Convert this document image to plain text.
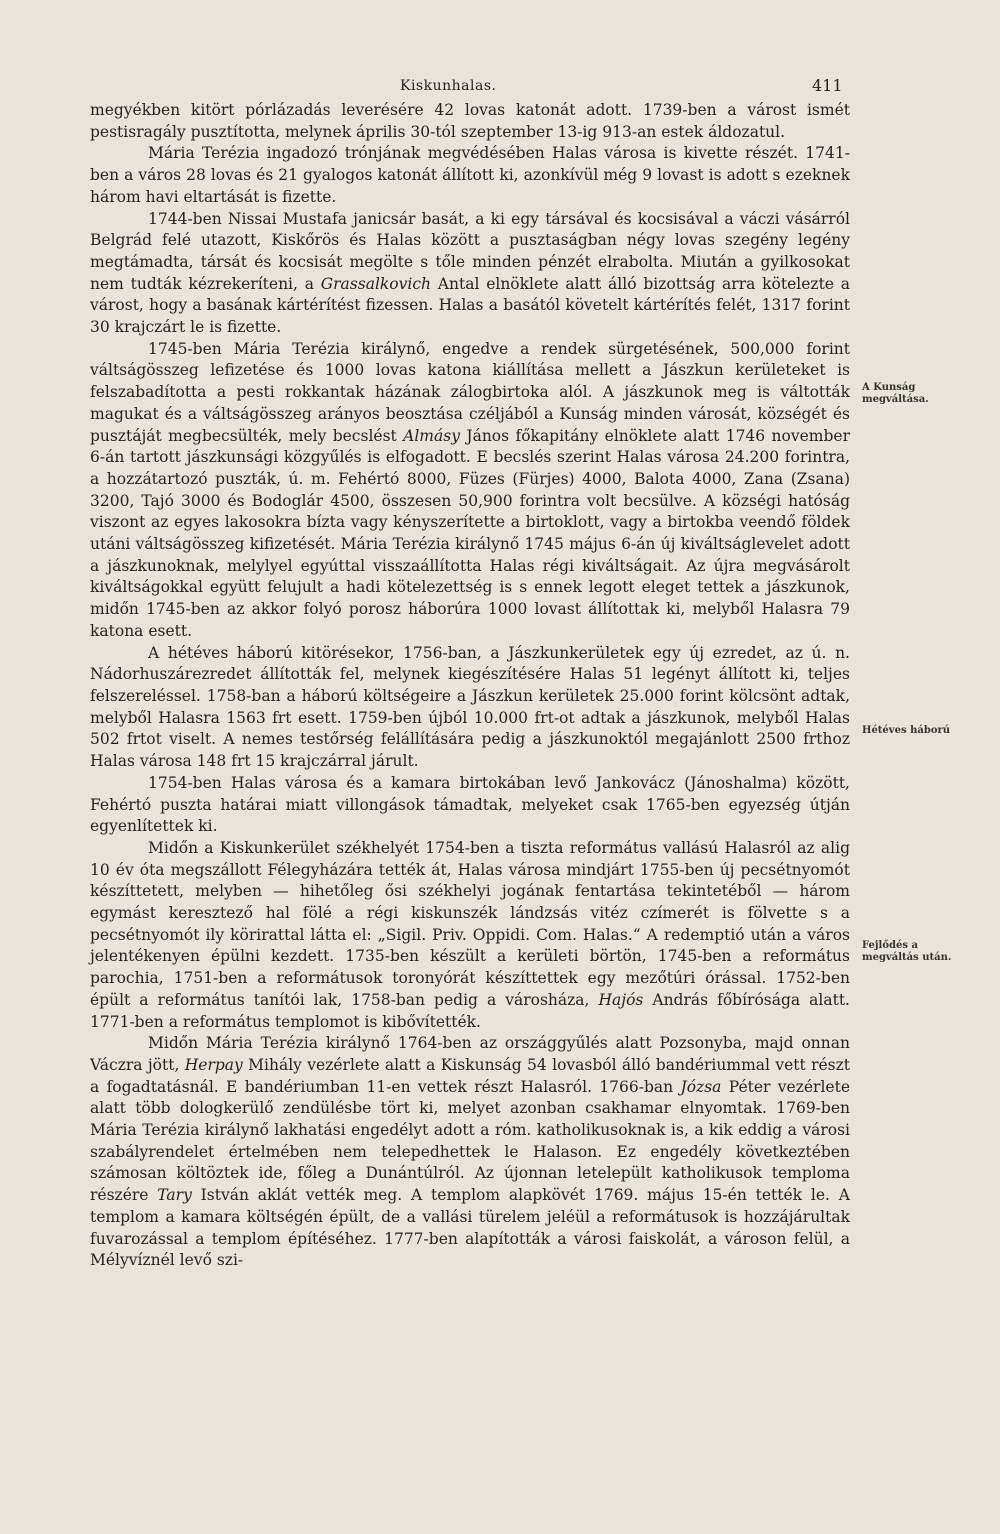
Kiskunhalas.	411

megyékben kitört pórlázadás leverésére 42 lovas katonát adott. 1739-ben a várost ismét pestisragály pusztította, melynek április 30-tól szeptember 13-ig 913-an estek áldozatul.

Mária Terézia ingadozó trónjának megvédésében Halas városa is kivette részét. 1741-ben a város 28 lovas és 21 gyalogos katonát állított ki, azonkívül még 9 lovast is adott s ezeknek három havi eltartását is fizette.

1744-ben Nissai Mustafa janicsár basát, a ki egy társával és kocsisával a váczi vásárról Belgrád felé utazott, Kiskőrös és Halas között a pusztaságban négy lovas szegény legény megtámadta, társát és kocsisát megölte s tőle minden pénzét elrabolta. Miután a gyilkosokat nem tudták kézrekeríteni, a Grassalkovich Antal elnöklete alatt álló bizottság arra kötelezte a várost, hogy a basának kártérítést fizessen. Halas a basától követelt kártérítés felét, 1317 forint 30 krajczárt le is fizette.

1745-ben Mária Terézia királynő, engedve a rendek sürgetésének, 500,000 forint váltságösszeg lefizetése és 1000 lovas katona kiállítása mellett a Jászkun kerületeket is felszabadította a pesti rokkantak házának zálogbirtoka alól. A jászkunok meg is váltották magukat és a váltságösszeg arányos beosztása czéljából a Kunság minden városát, községét és pusztáját megbecsülték, mely becslést Almásy János főkapitány elnöklete alatt 1746 november 6-án tartott jászkunsági közgyűlés is elfogadott. E becslés szerint Halas városa 24.200 forintra, a hozzátartozó puszták, ú. m. Fehértó 8000, Füzes (Fürjes) 4000, Balota 4000, Zana (Zsana) 3200, Tajó 3000 és Bodoglár 4500, összesen 50,900 forintra volt becsülve. A községi hatóság viszont az egyes lakosokra bízta vagy kényszerítette a birtoklott, vagy a birtokba veendő földek utáni váltságösszeg kifizetését. Mária Terézia királynő 1745 május 6-án új kiváltságlevelet adott a jászkunoknak, melylyel egyúttal visszaállította Halas régi kiváltságait. Az újra megvásárolt kiváltságokkal együtt felujult a hadi kötelezettség is s ennek legott eleget tettek a jászkunok, midőn 1745-ben az akkor folyó porosz háborúra 1000 lovast állítottak ki, melyből Halasra 79 katona esett.

A hétéves háború kitörésekor, 1756-ban, a Jászkunkerületek egy új ezredet, az ú. n. Nádorhuszárezredet állították fel, melynek kiegészítésére Halas 51 legényt állított ki, teljes felszereléssel. 1758-ban a háború költségeire a Jászkun kerületek 25.000 forint kölcsönt adtak, melyből Halasra 1563 frt esett. 1759-ben újból 10.000 frt-ot adtak a jászkunok, melyből Halas 502 frtot viselt. A nemes testőrség felállítására pedig a jászkunoktól megajánlott 2500 frthoz Halas városa 148 frt 15 krajczárral járult.

1754-ben Halas városa és a kamara birtokában levő Jankovácz (Jánoshalma) között, Fehértó puszta határai miatt villongások támadtak, melyeket csak 1765-ben egyezség útján egyenlítettek ki.

Midőn a Kiskunkerület székhelyét 1754-ben a tiszta református vallású Halasról az alig 10 év óta megszállott Félegyházára tették át, Halas városa mindjárt 1755-ben új pecsétnyomót készíttetett, melyben — hihetőleg ősi székhelyi jogának fentartása tekintetéből — három egymást keresztező hal fölé a régi kiskunszék lándzsás vitéz czímerét is fölvette s a pecsétnyomót ily körirattal látta el: „Sigil. Priv. Oppidi. Com. Halas.“ A redemptió után a város jelentékenyen épülni kezdett. 1735-ben készült a kerületi börtön, 1745-ben a református parochia, 1751-ben a reformátusok toronyórát készíttettek egy mezőtúri órással. 1752-ben épült a református tanítói lak, 1758-ban pedig a városháza, Hajós András főbírósága alatt. 1771-ben a református templomot is kibővítették.

Midőn Mária Terézia királynő 1764-ben az országgyűlés alatt Pozsonyba, majd onnan Váczra jött, Herpay Mihály vezérlete alatt a Kiskunság 54 lovasból álló bandériummal vett részt a fogadtatásnál. E bandériumban 11-en vettek részt Halasról. 1766-ban Józsa Péter vezérlete alatt több dologkerülő zendülésbe tört ki, melyet azonban csakhamar elnyomtak. 1769-ben Mária Terézia királynő lakhatási engedélyt adott a róm. katholikusoknak is, a kik eddig a városi szabályrendelet értelmében nem telepedhettek le Halason. Ez engedély következtében számosan költöztek ide, főleg a Dunántúlról. Az újonnan letelepült katholikusok temploma részére Tary István aklát vették meg. A templom alapkövét 1769. május 15-én tették le. A templom a kamara költségén épült, de a vallási türelem jeléül a reformátusok is hozzájárultak fuvarozással a templom építéséhez. 1777-ben alapították a városi faiskolát, a városon felül, a Mélyvíznél levő szi-

A Kunság megváltása.
Hétéves háború
Fejlődés a megváltás után.
